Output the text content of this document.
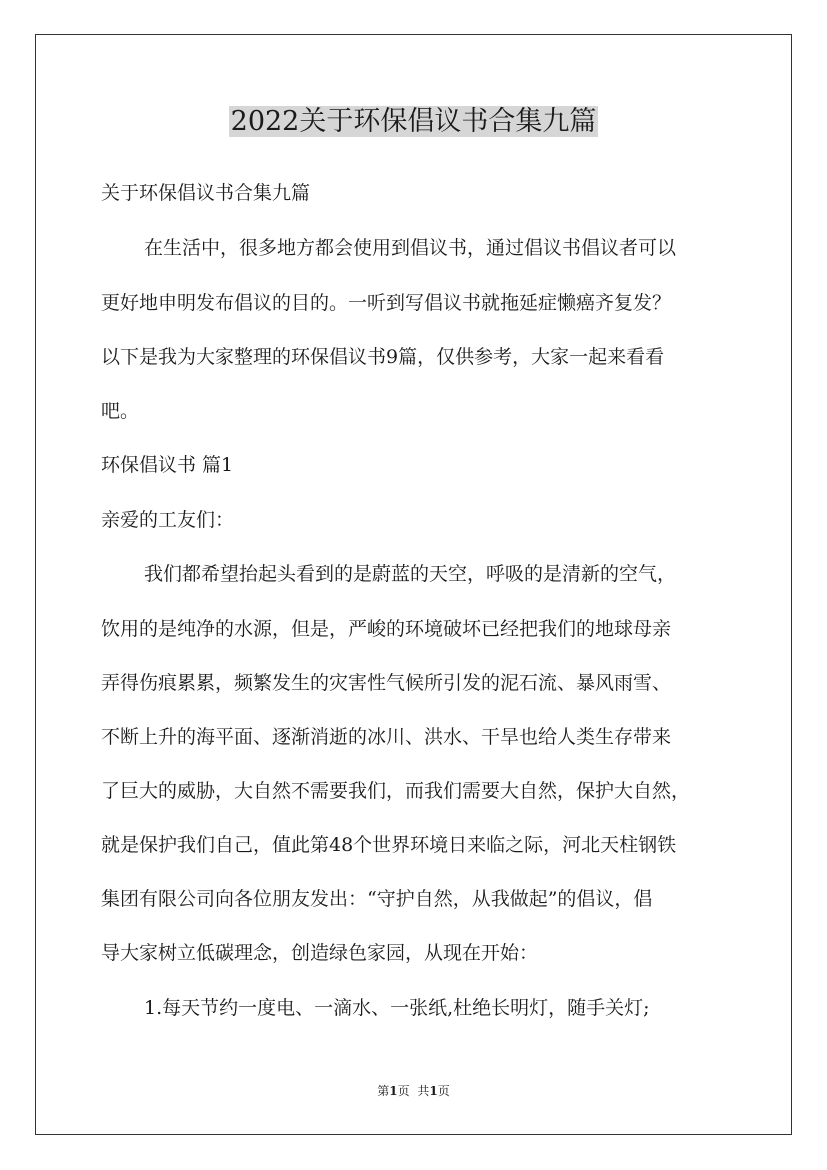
2022关于环保倡议书合集九篇

关于环保倡议书合集九篇

在生活中，很多地方都会使用到倡议书，通过倡议书倡议者可以

更好地申明发布倡议的目的。一听到写倡议书就拖延症懒癌齐复发？

以下是我为大家整理的环保倡议书9篇，仅供参考，大家一起来看看

吧。

环保倡议书 篇1

亲爱的工友们：

我们都希望抬起头看到的是蔚蓝的天空，呼吸的是清新的空气，

饮用的是纯净的水源，但是，严峻的环境破坏已经把我们的地球母亲

弄得伤痕累累，频繁发生的灾害性气候所引发的泥石流、暴风雨雪、

不断上升的海平面、逐渐消逝的冰川、洪水、干旱也给人类生存带来

了巨大的威胁，大自然不需要我们，而我们需要大自然，保护大自然，

就是保护我们自己，值此第48个世界环境日来临之际，河北天柱钢铁

集团有限公司向各位朋友发出：“守护自然，从我做起”的倡议，倡

导大家树立低碳理念，创造绿色家园，从现在开始：

1.每天节约一度电、一滴水、一张纸,杜绝长明灯，随手关灯;

第1页 共1页
